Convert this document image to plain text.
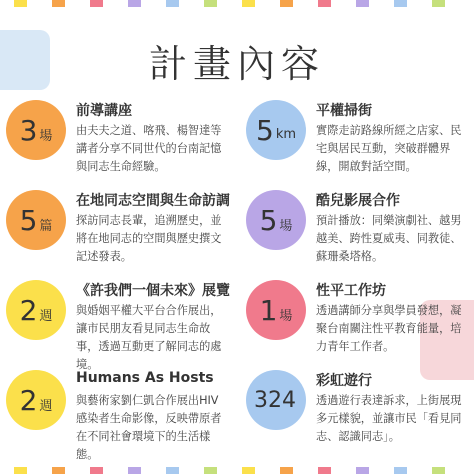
計畫內容
3 場
前導講座
由夫夫之道、喀飛、楊智達等講者分享不同世代的台南記憶與同志生命經驗。
5 篇
在地同志空間與生命訪調
探訪同志長輩，追溯歷史，並將在地同志的空間與歷史撰文記述發表。
2 週
《許我們一個未來》展覽
與婚姻平權大平台合作展出，讓市民朋友看見同志生命故事，透過互動更了解同志的處境。
2 週
Humans As Hosts
與藝術家劉仁凱合作展出HIV感染者生命影像，反映帶原者在不同社會環境下的生活樣態。
5 km
平權掃街
實際走訪路線所經之店家、民宅與居民互動，突破群體界線，開啟對話空間。
5 場
酷兒影展合作
預計播放：同樂演劇社、越男越美、跨性夏威夷、同教徒、蘇珊桑塔格。
1 場
性平工作坊
透過講師分享與學員發想，凝聚台南關注性平教育能量，培力青年工作者。
324
彩虹遊行
透過遊行表達訴求，上街展現多元樣貌，並讓市民「看見同志、認識同志」。
